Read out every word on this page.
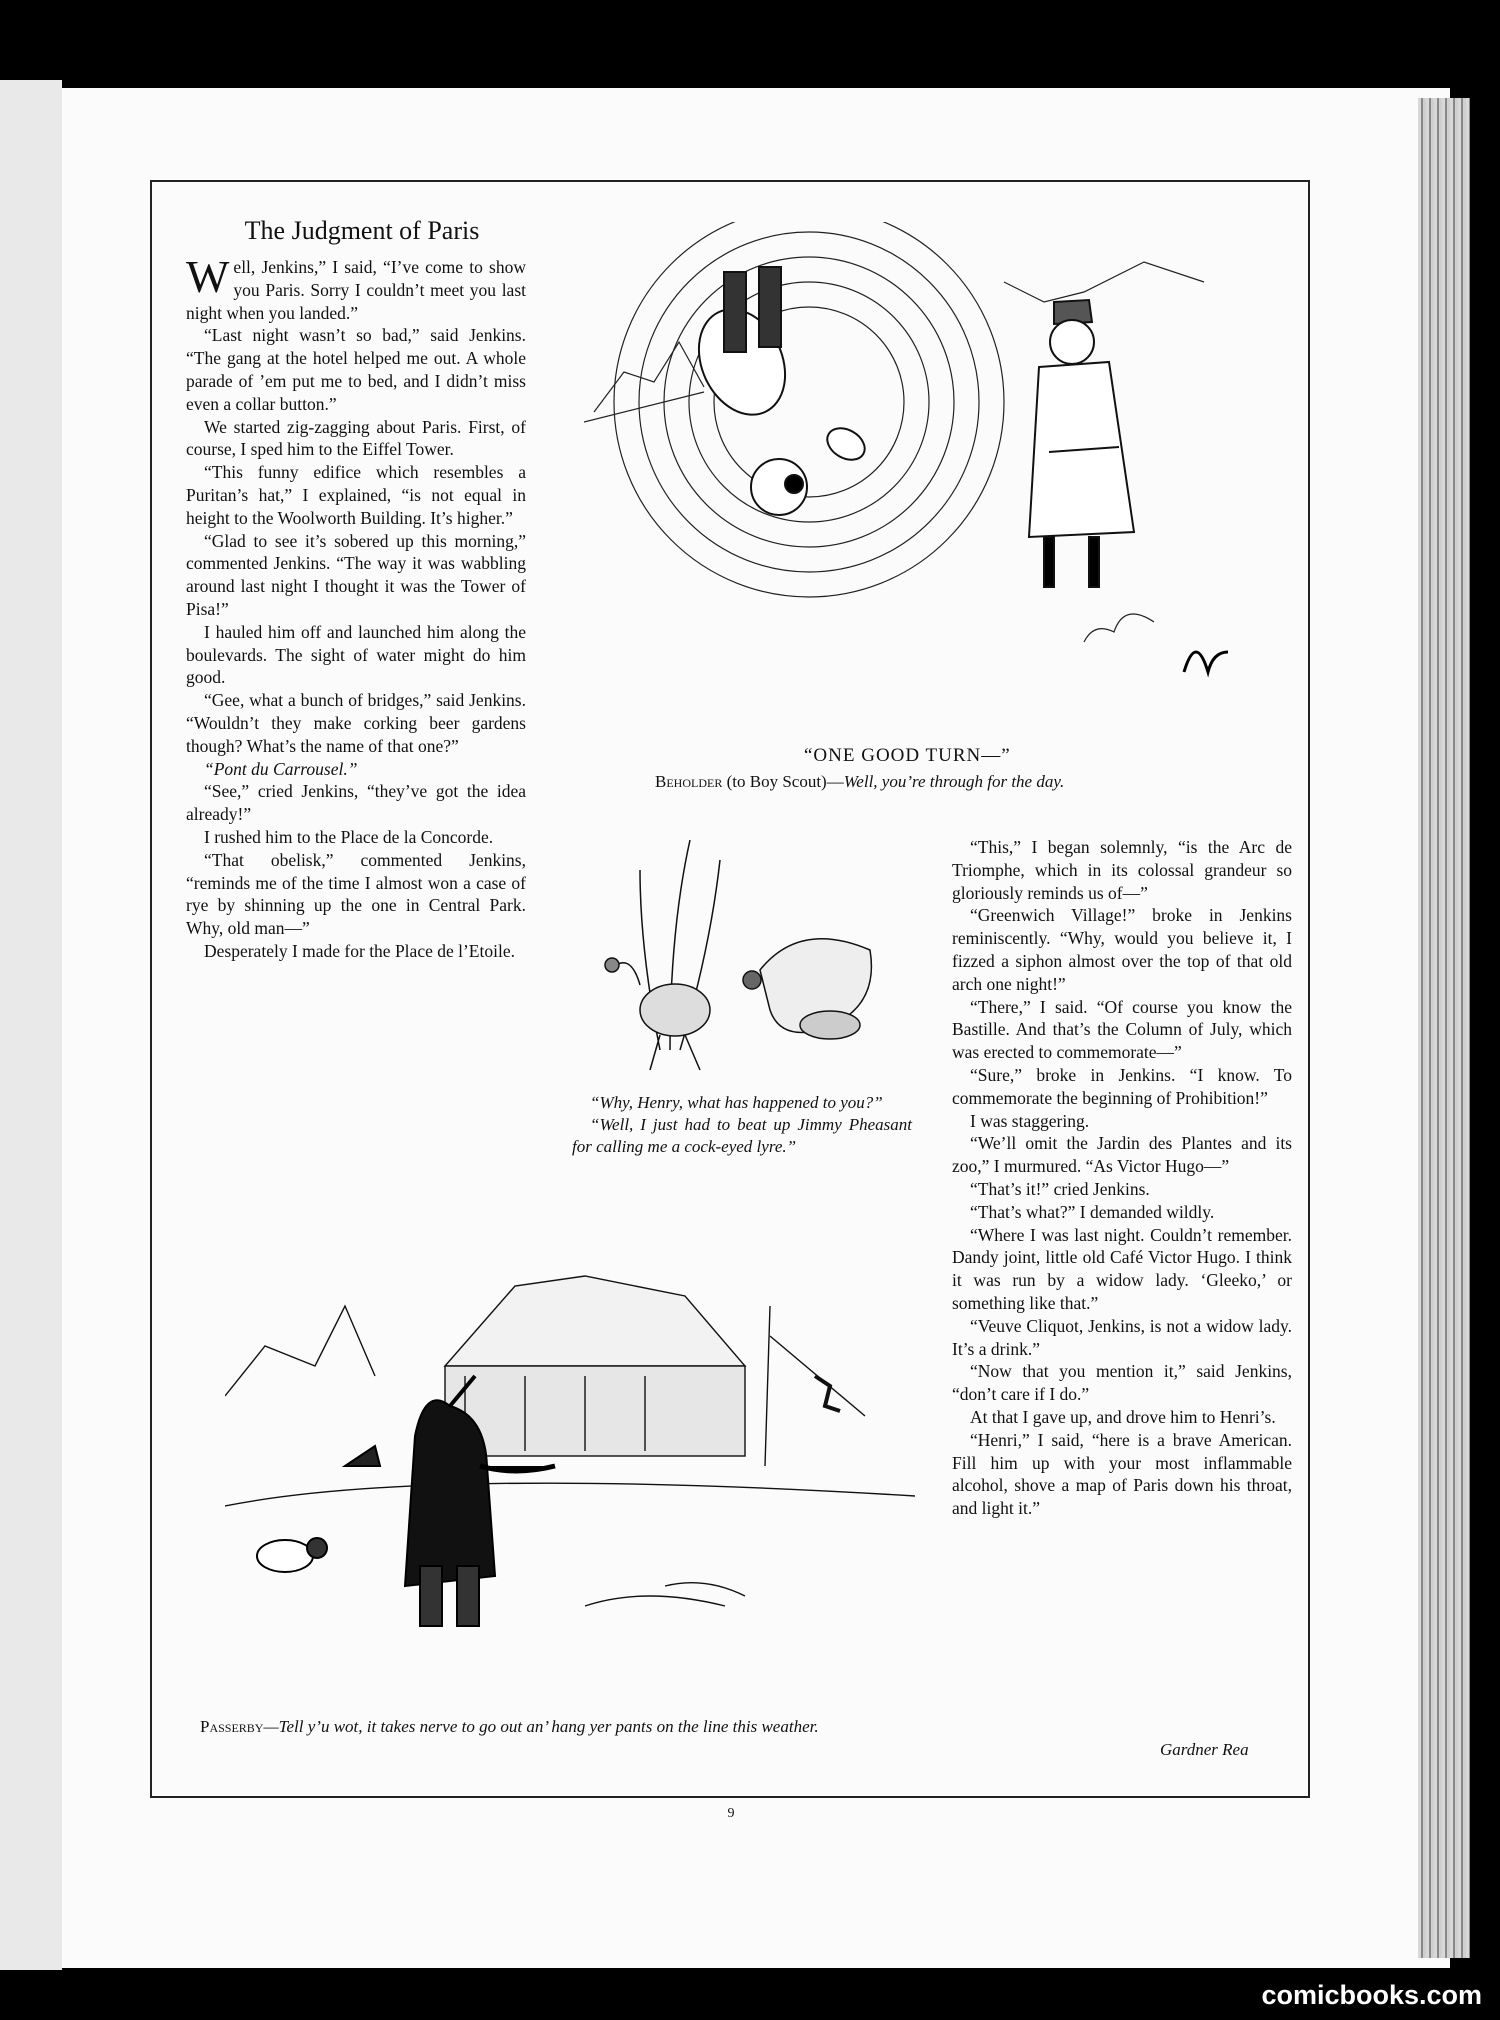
The Judgment of Paris

Well, Jenkins,” I said, “I’ve come to show you Paris. Sorry I couldn’t meet you last night when you landed.”

“Last night wasn’t so bad,” said Jenkins. “The gang at the hotel helped me out. A whole parade of ’em put me to bed, and I didn’t miss even a collar button.”

We started zig-zagging about Paris. First, of course, I sped him to the Eiffel Tower.

“This funny edifice which resembles a Puritan’s hat,” I explained, “is not equal in height to the Woolworth Building. It’s higher.”

“Glad to see it’s sobered up this morning,” commented Jenkins. “The way it was wabbling around last night I thought it was the Tower of Pisa!”

I hauled him off and launched him along the boulevards. The sight of water might do him good.

“Gee, what a bunch of bridges,” said Jenkins. “Wouldn’t they make corking beer gardens though? What’s the name of that one?”

“Pont du Carrousel.”

“See,” cried Jenkins, “they’ve got the idea already!”

I rushed him to the Place de la Concorde.

“That obelisk,” commented Jenkins, “reminds me of the time I almost won a case of rye by shinning up the one in Central Park. Why, old man—”

Desperately I made for the Place de l’Etoile.

“ONE GOOD TURN—”
Beholder (to Boy Scout)—Well, you’re through for the day.
“Why, Henry, what has happened to you?”
“Well, I just had to beat up Jimmy Pheasant for calling me a cock-eyed lyre.”

“This,” I began solemnly, “is the Arc de Triomphe, which in its colossal grandeur so gloriously reminds us of—”

“Greenwich Village!” broke in Jenkins reminiscently. “Why, would you believe it, I fizzed a siphon almost over the top of that old arch one night!”

“There,” I said. “Of course you know the Bastille. And that’s the Column of July, which was erected to commemorate—”

“Sure,” broke in Jenkins. “I know. To commemorate the beginning of Prohibition!”

I was staggering.

“We’ll omit the Jardin des Plantes and its zoo,” I murmured. “As Victor Hugo—”

“That’s it!” cried Jenkins.

“That’s what?” I demanded wildly.

“Where I was last night. Couldn’t remember. Dandy joint, little old Café Victor Hugo. I think it was run by a widow lady. ‘Gleeko,’ or something like that.”

“Veuve Cliquot, Jenkins, is not a widow lady. It’s a drink.”

“Now that you mention it,” said Jenkins, “don’t care if I do.”

At that I gave up, and drove him to Henri’s.

“Henri,” I said, “here is a brave American. Fill him up with your most inflammable alcohol, shove a map of Paris down his throat, and light it.”

Gardner Rea
Passerby—Tell y’u wot, it takes nerve to go out an’ hang yer pants on the line this weather.
9
comicbooks.com
